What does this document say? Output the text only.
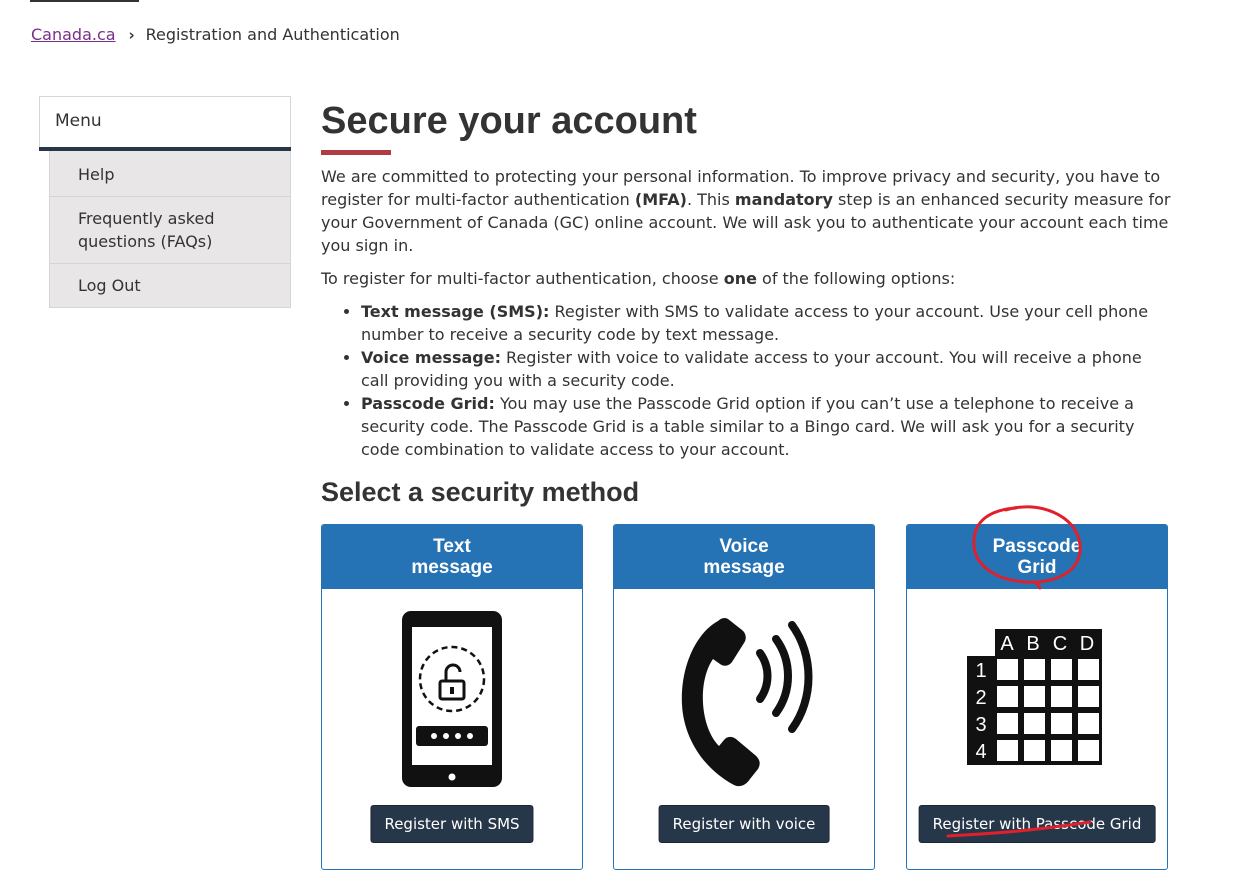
Canada.ca › Registration and Authentication
Menu
Help
Frequently asked questions (FAQs)
Log Out
Secure your account

We are committed to protecting your personal information. To improve privacy and security, you have to register for multi-factor authentication (MFA). This mandatory step is an enhanced security measure for your Government of Canada (GC) online account. We will ask you to authenticate your account each time you sign in.

To register for multi-factor authentication, choose one of the following options:

• Text message (SMS): Register with SMS to validate access to your account. Use your cell phone number to receive a security code by text message.
• Voice message: Register with voice to validate access to your account. You will receive a phone call providing you with a security code.
• Passcode Grid: You may use the Passcode Grid option if you can’t use a telephone to receive a security code. The Passcode Grid is a table similar to a Bingo card. We will ask you for a security code combination to validate access to your account.
Select a security method
Text
message
Register with SMS
Voice
message
Register with voice
Passcode
Grid
A B C D
1
2
3
4
Register with Passcode Grid
